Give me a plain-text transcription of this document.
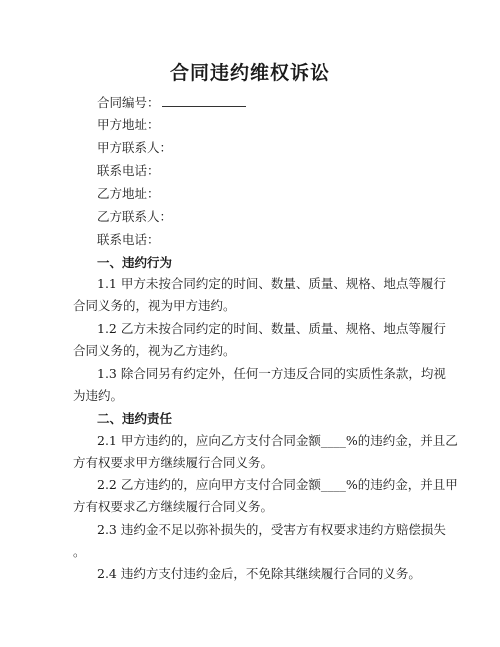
合同违约维权诉讼
合同编号：
甲方地址：
甲方联系人：
联系电话：
乙方地址：
乙方联系人：
联系电话：
一、违约行为
1.1 甲方未按合同约定的时间、数量、质量、规格、地点等履行
合同义务的，视为甲方违约。
1.2 乙方未按合同约定的时间、数量、质量、规格、地点等履行
合同义务的，视为乙方违约。
1.3 除合同另有约定外，任何一方违反合同的实质性条款，均视
为违约。
二、违约责任
2.1 甲方违约的，应向乙方支付合同金额____%的违约金，并且乙
方有权要求甲方继续履行合同义务。
2.2 乙方违约的，应向甲方支付合同金额____%的违约金，并且甲
方有权要求乙方继续履行合同义务。
2.3 违约金不足以弥补损失的，受害方有权要求违约方赔偿损失
。
2.4 违约方支付违约金后，不免除其继续履行合同的义务。
